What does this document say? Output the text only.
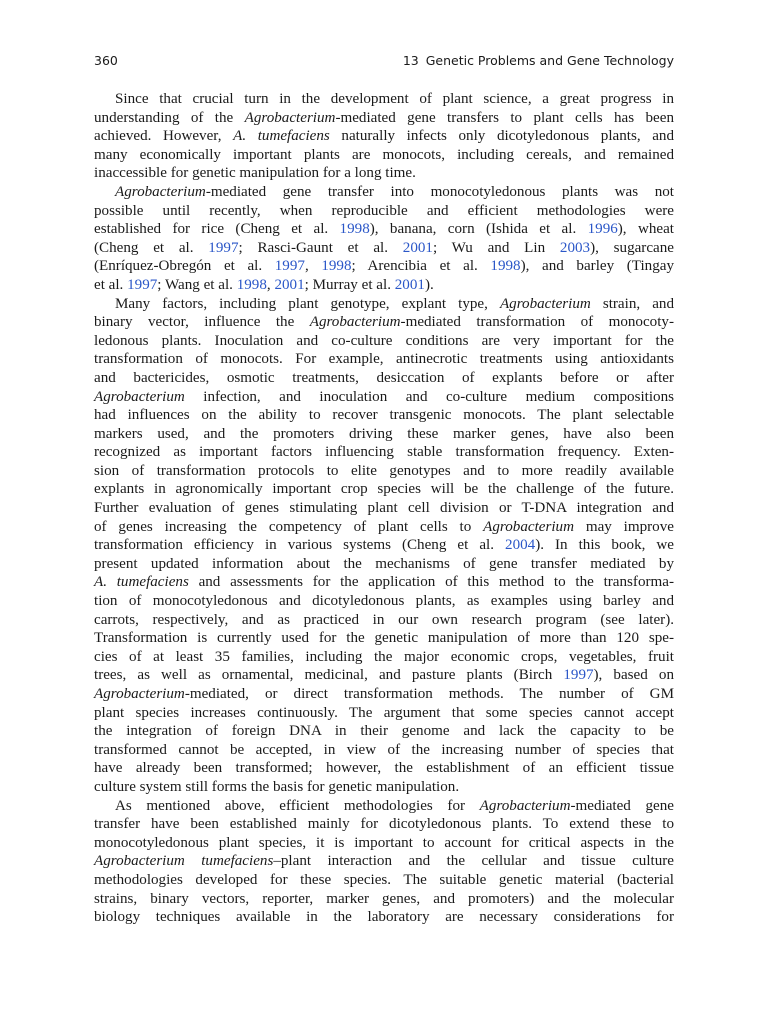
360	13 Genetic Problems and Gene Technology
Since that crucial turn in the development of plant science, a great progress in
understanding of the Agrobacterium-mediated gene transfers to plant cells has been
achieved. However, A. tumefaciens naturally infects only dicotyledonous plants, and
many economically important plants are monocots, including cereals, and remained
inaccessible for genetic manipulation for a long time.
Agrobacterium-mediated gene transfer into monocotyledonous plants was not
possible until recently, when reproducible and efficient methodologies were
established for rice (Cheng et al. 1998), banana, corn (Ishida et al. 1996), wheat
(Cheng et al. 1997; Rasci-Gaunt et al. 2001; Wu and Lin 2003), sugarcane
(Enríquez-Obregón et al. 1997, 1998; Arencibia et al. 1998), and barley (Tingay
et al. 1997; Wang et al. 1998, 2001; Murray et al. 2001).
Many factors, including plant genotype, explant type, Agrobacterium strain, and
binary vector, influence the Agrobacterium-mediated transformation of monocoty-
ledonous plants. Inoculation and co-culture conditions are very important for the
transformation of monocots. For example, antinecrotic treatments using antioxidants
and bactericides, osmotic treatments, desiccation of explants before or after
Agrobacterium infection, and inoculation and co-culture medium compositions
had influences on the ability to recover transgenic monocots. The plant selectable
markers used, and the promoters driving these marker genes, have also been
recognized as important factors influencing stable transformation frequency. Exten-
sion of transformation protocols to elite genotypes and to more readily available
explants in agronomically important crop species will be the challenge of the future.
Further evaluation of genes stimulating plant cell division or T-DNA integration and
of genes increasing the competency of plant cells to Agrobacterium may improve
transformation efficiency in various systems (Cheng et al. 2004). In this book, we
present updated information about the mechanisms of gene transfer mediated by
A. tumefaciens and assessments for the application of this method to the transforma-
tion of monocotyledonous and dicotyledonous plants, as examples using barley and
carrots, respectively, and as practiced in our own research program (see later).
Transformation is currently used for the genetic manipulation of more than 120 spe-
cies of at least 35 families, including the major economic crops, vegetables, fruit
trees, as well as ornamental, medicinal, and pasture plants (Birch 1997), based on
Agrobacterium-mediated, or direct transformation methods. The number of GM
plant species increases continuously. The argument that some species cannot accept
the integration of foreign DNA in their genome and lack the capacity to be
transformed cannot be accepted, in view of the increasing number of species that
have already been transformed; however, the establishment of an efficient tissue
culture system still forms the basis for genetic manipulation.
As mentioned above, efficient methodologies for Agrobacterium-mediated gene
transfer have been established mainly for dicotyledonous plants. To extend these to
monocotyledonous plant species, it is important to account for critical aspects in the
Agrobacterium tumefaciens–plant interaction and the cellular and tissue culture
methodologies developed for these species. The suitable genetic material (bacterial
strains, binary vectors, reporter, marker genes, and promoters) and the molecular
biology techniques available in the laboratory are necessary considerations for
